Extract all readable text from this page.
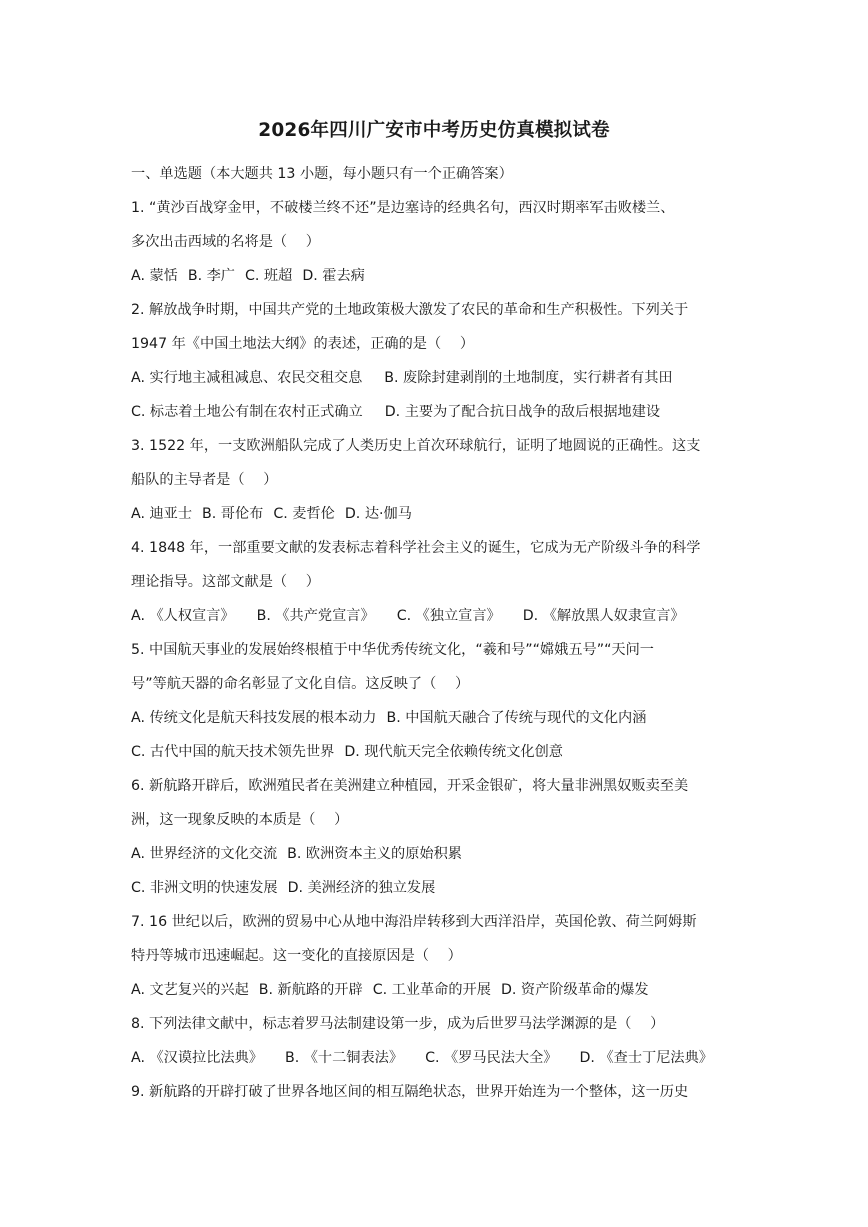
2026年四川广安市中考历史仿真模拟试卷
一、单选题（本大题共 13 小题，每小题只有一个正确答案）
1. “黄沙百战穿金甲，不破楼兰终不还”是边塞诗的经典名句，西汉时期率军击败楼兰、
多次出击西域的名将是（　 ）
A. 蒙恬 B. 李广 C. 班超 D. 霍去病
2. 解放战争时期，中国共产党的土地政策极大激发了农民的革命和生产积极性。下列关于
1947 年《中国土地法大纲》的表述，正确的是（　 ）
A. 实行地主减租减息、农民交租交息 B. 废除封建剥削的土地制度，实行耕者有其田
C. 标志着土地公有制在农村正式确立 D. 主要为了配合抗日战争的敌后根据地建设
3. 1522 年，一支欧洲船队完成了人类历史上首次环球航行，证明了地圆说的正确性。这支
船队的主导者是（　 ）
A. 迪亚士 B. 哥伦布 C. 麦哲伦 D. 达·伽马
4. 1848 年，一部重要文献的发表标志着科学社会主义的诞生，它成为无产阶级斗争的科学
理论指导。这部文献是（　 ）
A. 《人权宣言》 B. 《共产党宣言》 C. 《独立宣言》 D. 《解放黑人奴隶宣言》
5. 中国航天事业的发展始终根植于中华优秀传统文化，“羲和号”“嫦娥五号”“天问一
号”等航天器的命名彰显了文化自信。这反映了（　 ）
A. 传统文化是航天科技发展的根本动力 B. 中国航天融合了传统与现代的文化内涵
C. 古代中国的航天技术领先世界 D. 现代航天完全依赖传统文化创意
6. 新航路开辟后，欧洲殖民者在美洲建立种植园，开采金银矿，将大量非洲黑奴贩卖至美
洲，这一现象反映的本质是（　 ）
A. 世界经济的文化交流 B. 欧洲资本主义的原始积累
C. 非洲文明的快速发展 D. 美洲经济的独立发展
7. 16 世纪以后，欧洲的贸易中心从地中海沿岸转移到大西洋沿岸，英国伦敦、荷兰阿姆斯
特丹等城市迅速崛起。这一变化的直接原因是（　 ）
A. 文艺复兴的兴起 B. 新航路的开辟 C. 工业革命的开展 D. 资产阶级革命的爆发
8. 下列法律文献中，标志着罗马法制建设第一步，成为后世罗马法学渊源的是（　 ）
A. 《汉谟拉比法典》 B. 《十二铜表法》 C. 《罗马民法大全》 D. 《查士丁尼法典》
9. 新航路的开辟打破了世界各地区间的相互隔绝状态，世界开始连为一个整体，这一历史
